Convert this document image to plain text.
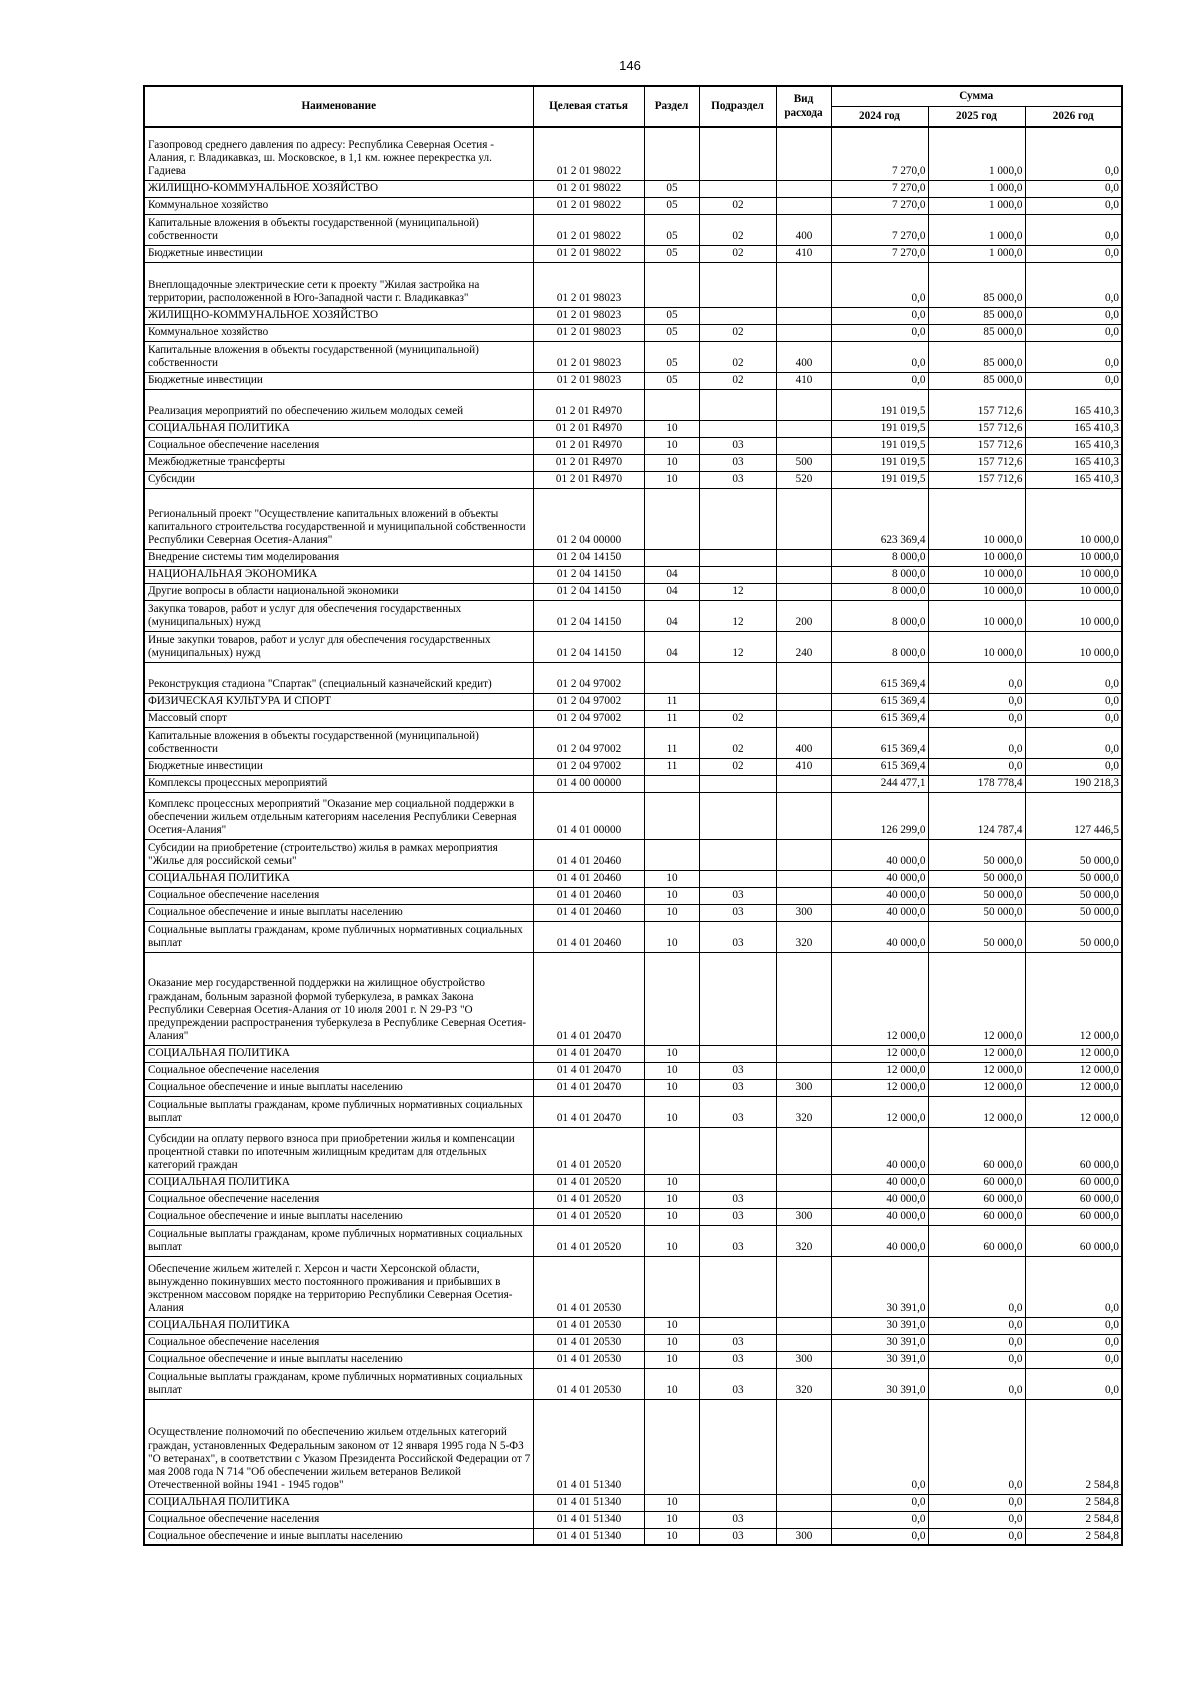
146
Наименование	Целевая статья	Раздел	Подраздел	Вид расхода	Сумма		
					2024 год	2025 год	2026 год
Газопровод среднего давления по адресу: Республика Северная Осетия - Алания, г. Владикавказ, ш. Московское, в 1,1 км. южнее перекрестка ул. Гадиева	01 2 01 98022				7 270,0	1 000,0	0,0
ЖИЛИЩНО-КОММУНАЛЬНОЕ ХОЗЯЙСТВО	01 2 01 98022	05			7 270,0	1 000,0	0,0
Коммунальное хозяйство	01 2 01 98022	05	02		7 270,0	1 000,0	0,0
Капитальные вложения в объекты государственной (муниципальной) собственности	01 2 01 98022	05	02	400	7 270,0	1 000,0	0,0
Бюджетные инвестиции	01 2 01 98022	05	02	410	7 270,0	1 000,0	0,0
Внеплощадочные электрические сети к проекту "Жилая застройка на территории, расположенной в Юго-Западной части г. Владикавказ"	01 2 01 98023				0,0	85 000,0	0,0
ЖИЛИЩНО-КОММУНАЛЬНОЕ ХОЗЯЙСТВО	01 2 01 98023	05			0,0	85 000,0	0,0
Коммунальное хозяйство	01 2 01 98023	05	02		0,0	85 000,0	0,0
Капитальные вложения в объекты государственной (муниципальной) собственности	01 2 01 98023	05	02	400	0,0	85 000,0	0,0
Бюджетные инвестиции	01 2 01 98023	05	02	410	0,0	85 000,0	0,0
Реализация мероприятий по обеспечению жильем молодых семей	01 2 01 R4970				191 019,5	157 712,6	165 410,3
СОЦИАЛЬНАЯ ПОЛИТИКА	01 2 01 R4970	10			191 019,5	157 712,6	165 410,3
Социальное обеспечение населения	01 2 01 R4970	10	03		191 019,5	157 712,6	165 410,3
Межбюджетные трансферты	01 2 01 R4970	10	03	500	191 019,5	157 712,6	165 410,3
Субсидии	01 2 01 R4970	10	03	520	191 019,5	157 712,6	165 410,3
Региональный проект "Осуществление капитальных вложений в объекты капитального строительства государственной и муниципальной собственности Республики Северная Осетия-Алания"	01 2 04 00000				623 369,4	10 000,0	10 000,0
Внедрение системы тим моделирования	01 2 04 14150				8 000,0	10 000,0	10 000,0
НАЦИОНАЛЬНАЯ ЭКОНОМИКА	01 2 04 14150	04			8 000,0	10 000,0	10 000,0
Другие вопросы в области национальной экономики	01 2 04 14150	04	12		8 000,0	10 000,0	10 000,0
Закупка товаров, работ и услуг для обеспечения государственных (муниципальных) нужд	01 2 04 14150	04	12	200	8 000,0	10 000,0	10 000,0
Иные закупки товаров, работ и услуг для обеспечения государственных (муниципальных) нужд	01 2 04 14150	04	12	240	8 000,0	10 000,0	10 000,0
Реконструкция стадиона "Спартак" (специальный казначейский кредит)	01 2 04 97002				615 369,4	0,0	0,0
ФИЗИЧЕСКАЯ КУЛЬТУРА И СПОРТ	01 2 04 97002	11			615 369,4	0,0	0,0
Массовый спорт	01 2 04 97002	11	02		615 369,4	0,0	0,0
Капитальные вложения в объекты государственной (муниципальной) собственности	01 2 04 97002	11	02	400	615 369,4	0,0	0,0
Бюджетные инвестиции	01 2 04 97002	11	02	410	615 369,4	0,0	0,0
Комплексы процессных мероприятий	01 4 00 00000				244 477,1	178 778,4	190 218,3
Комплекс процессных мероприятий "Оказание мер социальной поддержки в обеспечении жильем отдельным категориям населения Республики Северная Осетия-Алания"	01 4 01 00000				126 299,0	124 787,4	127 446,5
Субсидии на приобретение (строительство) жилья в рамках мероприятия "Жилье для российской семьи"	01 4 01 20460				40 000,0	50 000,0	50 000,0
СОЦИАЛЬНАЯ ПОЛИТИКА	01 4 01 20460	10			40 000,0	50 000,0	50 000,0
Социальное обеспечение населения	01 4 01 20460	10	03		40 000,0	50 000,0	50 000,0
Социальное обеспечение и иные выплаты населению	01 4 01 20460	10	03	300	40 000,0	50 000,0	50 000,0
Социальные выплаты гражданам, кроме публичных нормативных социальных выплат	01 4 01 20460	10	03	320	40 000,0	50 000,0	50 000,0
Оказание мер государственной поддержки на жилищное обустройство гражданам, больным заразной формой туберкулеза, в рамках Закона Республики Северная Осетия-Алания от 10 июля 2001 г. N 29-РЗ "О предупреждении распространения туберкулеза в Республике Северная Осетия-Алания"	01 4 01 20470				12 000,0	12 000,0	12 000,0
СОЦИАЛЬНАЯ ПОЛИТИКА	01 4 01 20470	10			12 000,0	12 000,0	12 000,0
Социальное обеспечение населения	01 4 01 20470	10	03		12 000,0	12 000,0	12 000,0
Социальное обеспечение и иные выплаты населению	01 4 01 20470	10	03	300	12 000,0	12 000,0	12 000,0
Социальные выплаты гражданам, кроме публичных нормативных социальных выплат	01 4 01 20470	10	03	320	12 000,0	12 000,0	12 000,0
Субсидии на оплату первого взноса при приобретении жилья и компенсации процентной ставки по ипотечным жилищным кредитам для отдельных категорий граждан	01 4 01 20520				40 000,0	60 000,0	60 000,0
СОЦИАЛЬНАЯ ПОЛИТИКА	01 4 01 20520	10			40 000,0	60 000,0	60 000,0
Социальное обеспечение населения	01 4 01 20520	10	03		40 000,0	60 000,0	60 000,0
Социальное обеспечение и иные выплаты населению	01 4 01 20520	10	03	300	40 000,0	60 000,0	60 000,0
Социальные выплаты гражданам, кроме публичных нормативных социальных выплат	01 4 01 20520	10	03	320	40 000,0	60 000,0	60 000,0
Обеспечение жильем жителей г. Херсон и части Херсонской области, вынужденно покинувших место постоянного проживания и прибывших в экстренном массовом порядке на территорию Республики Северная Осетия-Алания	01 4 01 20530				30 391,0	0,0	0,0
СОЦИАЛЬНАЯ ПОЛИТИКА	01 4 01 20530	10			30 391,0	0,0	0,0
Социальное обеспечение населения	01 4 01 20530	10	03		30 391,0	0,0	0,0
Социальное обеспечение и иные выплаты населению	01 4 01 20530	10	03	300	30 391,0	0,0	0,0
Социальные выплаты гражданам, кроме публичных нормативных социальных выплат	01 4 01 20530	10	03	320	30 391,0	0,0	0,0
Осуществление полномочий по обеспечению жильем отдельных категорий граждан, установленных Федеральным законом от 12 января 1995 года N 5-ФЗ "О ветеранах", в соответствии с Указом Президента Российской Федерации от 7 мая 2008 года N 714 "Об обеспечении жильем ветеранов Великой Отечественной войны 1941 - 1945 годов"	01 4 01 51340				0,0	0,0	2 584,8
СОЦИАЛЬНАЯ ПОЛИТИКА	01 4 01 51340	10			0,0	0,0	2 584,8
Социальное обеспечение населения	01 4 01 51340	10	03		0,0	0,0	2 584,8
Социальное обеспечение и иные выплаты населению	01 4 01 51340	10	03	300	0,0	0,0	2 584,8
